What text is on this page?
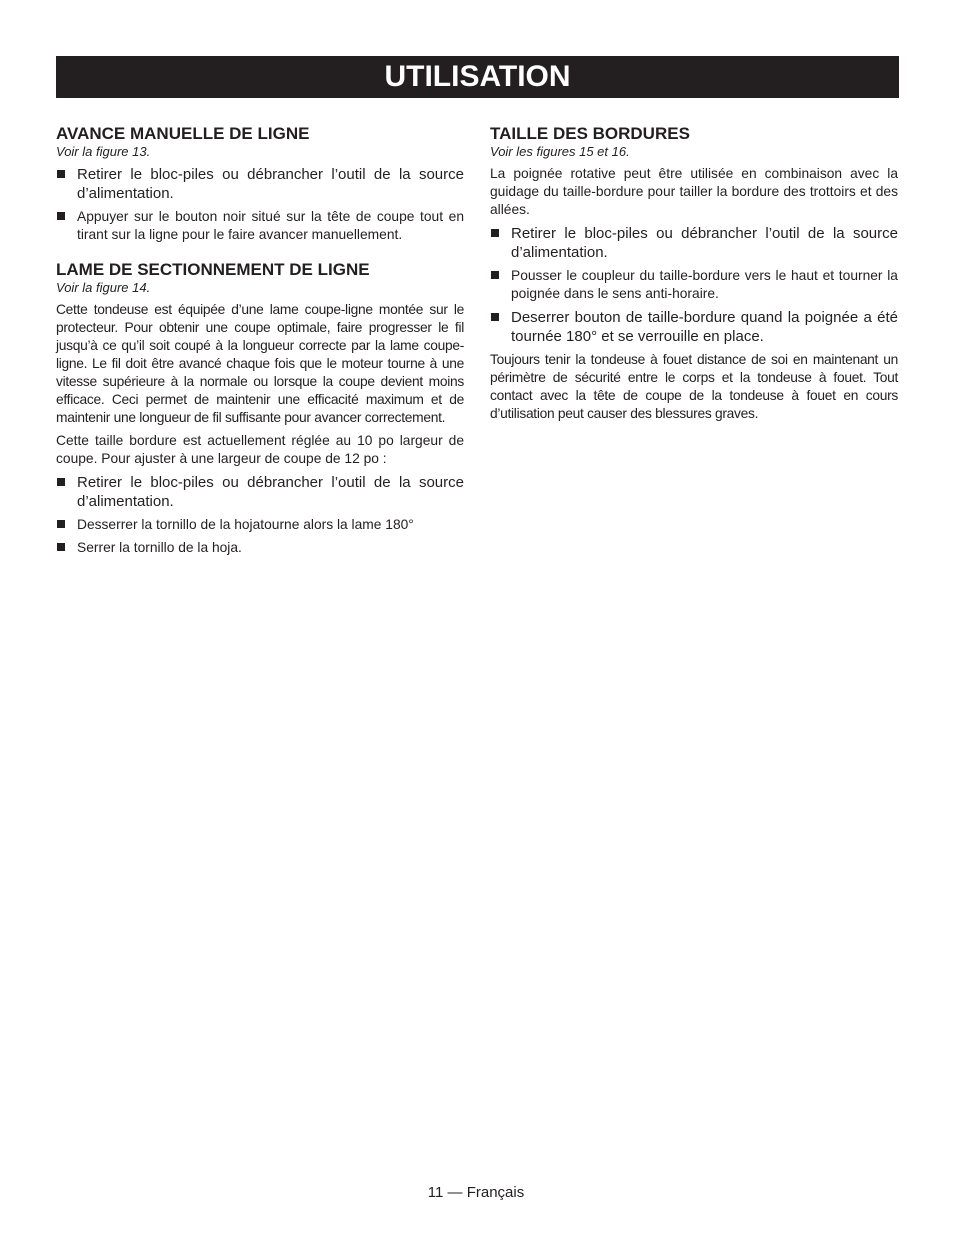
UTILISATION

AVANCE MANUELLE DE LIGNE

Voir la figure 13.

Retirer le bloc-piles ou débrancher l’outil de la source d’alimentation.
Appuyer sur le bouton noir situé sur la tête de coupe tout en tirant sur la ligne pour le faire avancer manuellement.

LAME DE SECTIONNEMENT DE LIGNE

Voir la figure 14.

Cette tondeuse est équipée d’une lame coupe-ligne montée sur le protecteur. Pour obtenir une coupe optimale, faire progresser le fil jusqu’à ce qu’il soit coupé à la longueur correcte par la lame coupe-ligne. Le fil doit être avancé chaque fois que le moteur tourne à une vitesse supérieure à la normale ou lorsque la coupe devient moins efficace. Ceci permet de maintenir une efficacité maximum et de maintenir une longueur de fil suffisante pour avancer correctement.

Cette taille bordure est actuellement réglée au 10 po largeur de coupe. Pour ajuster à une largeur de coupe de 12 po :

Retirer le bloc-piles ou débrancher l’outil de la source d’alimentation.
Desserrer la tornillo de la hojatourne alors la lame 180°
Serrer la tornillo de la hoja.

TAILLE DES BORDURES

Voir les figures 15 et 16.

La poignée rotative peut être utilisée en combinaison avec la guidage du taille-bordure pour tailler la bordure des trottoirs et des allées.

Retirer le bloc-piles ou débrancher l’outil de la source d’alimentation.
Pousser le coupleur du taille-bordure vers le haut et tourner la poignée dans le sens anti-horaire.
Deserrer bouton de taille-bordure quand la poignée a été tournée 180° et se verrouille en place.

Toujours tenir la tondeuse à fouet distance de soi en maintenant un périmètre de sécurité entre le corps et la tondeuse à fouet. Tout contact avec la tête de coupe de la tondeuse à fouet en cours d’utilisation peut causer des blessures graves.

11 — Français
